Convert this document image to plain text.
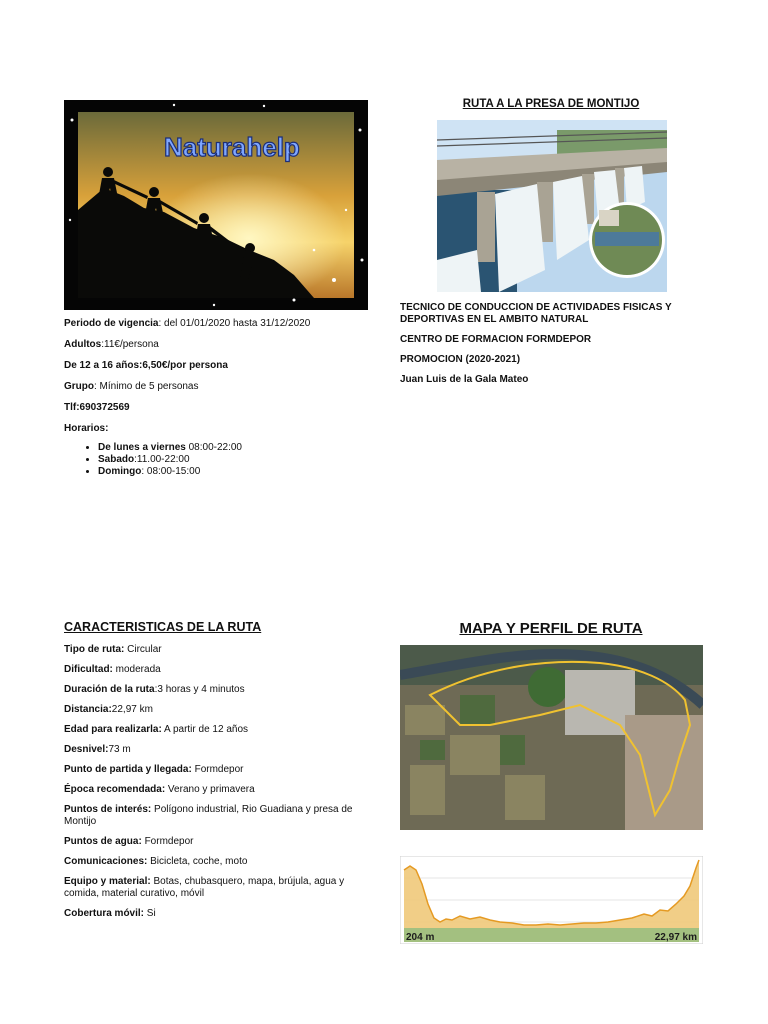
Naturahelp

Periodo de vigencia: del 01/01/2020 hasta 31/12/2020

Adultos:11€/persona

De 12 a 16 años:6,50€/por persona

Grupo: Mínimo de 5 personas

Tlf:690372569

Horarios:

• De lunes a viernes 08:00-22:00
• Sabado:11.00-22:00
• Domingo: 08:00-15:00
RUTA A LA PRESA DE MONTIJO

TECNICO DE CONDUCCION DE ACTIVIDADES FISICAS Y DEPORTIVAS EN EL AMBITO NATURAL

CENTRO DE FORMACION FORMDEPOR

PROMOCION (2020-2021)

Juan Luis de la Gala Mateo

CARACTERISTICAS DE LA RUTA

Tipo de ruta: Circular

Dificultad: moderada

Duración de la ruta:3 horas y 4 minutos

Distancia:22,97 km

Edad para realizarla: A partir de 12 años

Desnivel:73 m

Punto de partida y llegada: Formdepor

Época recomendada: Verano y primavera

Puntos de interés: Polígono industrial, Rio Guadiana y presa de Montijo

Puntos de agua: Formdepor

Comunicaciones: Bicicleta, coche, moto

Equipo y material: Botas, chubasquero, mapa, brújula, agua y comida, material curativo, móvil

Cobertura móvil: Si

MAPA Y PERFIL DE RUTA
204 m	22,97 km
